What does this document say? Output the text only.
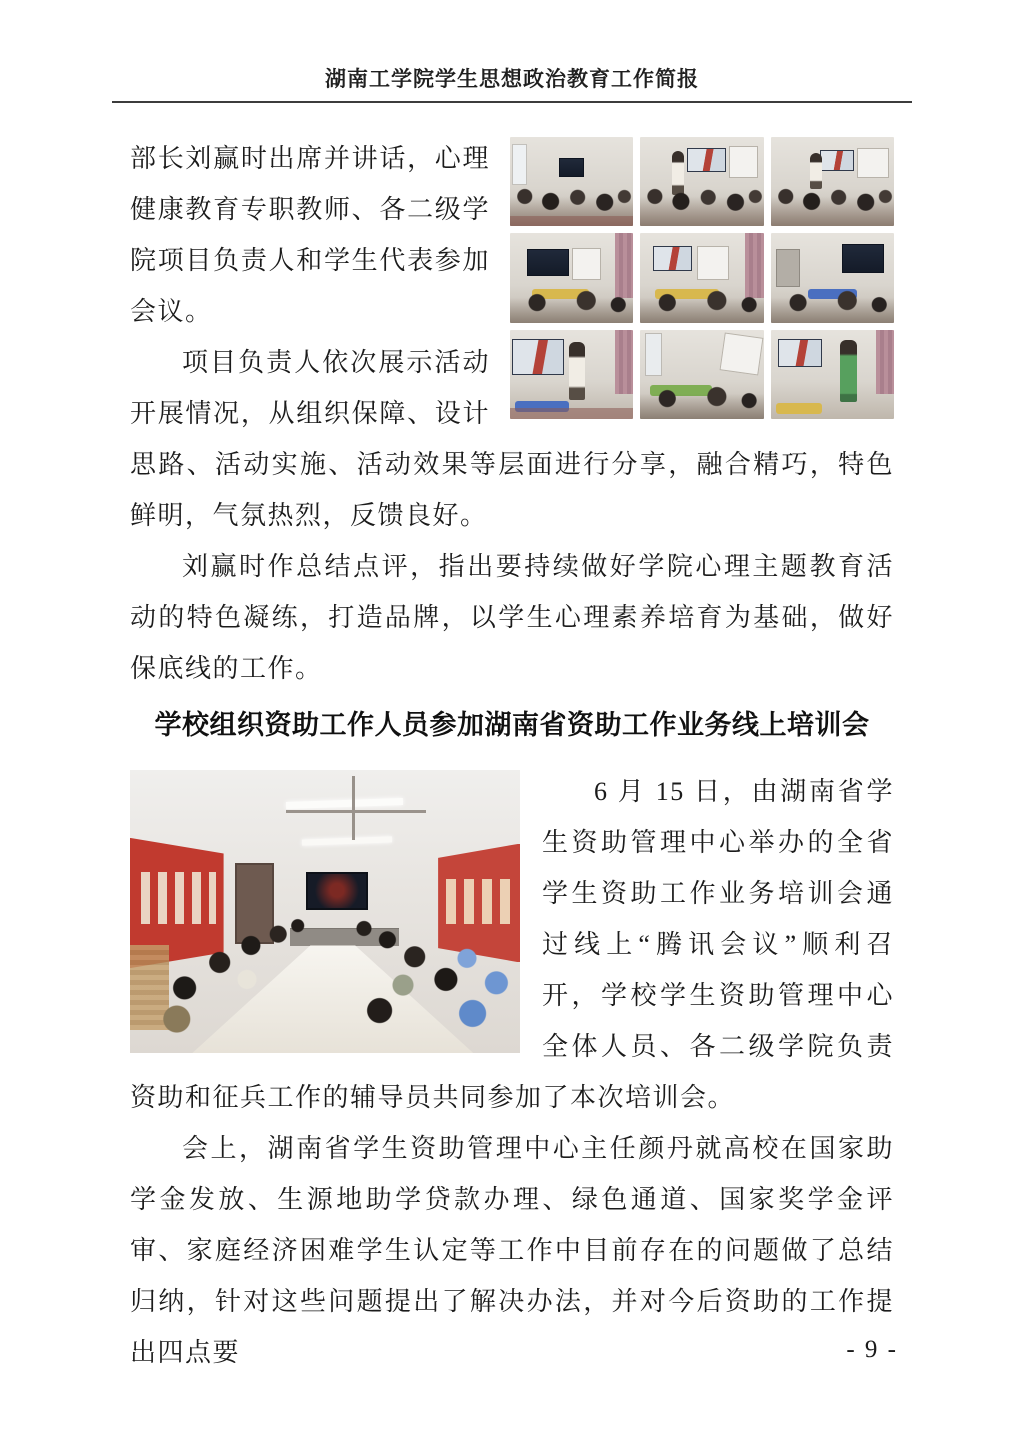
湖南工学院学生思想政治教育工作简报

部长刘赢时出席并讲话，心理健康教育专职教师、各二级学院项目负责人和学生代表参加会议。

项目负责人依次展示活动开展情况，从组织保障、设计思路、活动实施、活动效果等层面进行分享，融合精巧，特色鲜明，气氛热烈，反馈良好。

刘赢时作总结点评，指出要持续做好学院心理主题教育活动的特色凝练，打造品牌，以学生心理素养培育为基础，做好保底线的工作。

学校组织资助工作人员参加湖南省资助工作业务线上培训会

6 月 15 日，由湖南省学生资助管理中心举办的全省学生资助工作业务培训会通过线上“腾讯会议”顺利召开，学校学生资助管理中心全体人员、各二级学院负责资助和征兵工作的辅导员共同参加了本次培训会。

会上，湖南省学生资助管理中心主任颜丹就高校在国家助学金发放、生源地助学贷款办理、绿色通道、国家奖学金评审、家庭经济困难学生认定等工作中目前存在的问题做了总结归纳，针对这些问题提出了解决办法，并对今后资助的工作提出四点要	- 9 -
